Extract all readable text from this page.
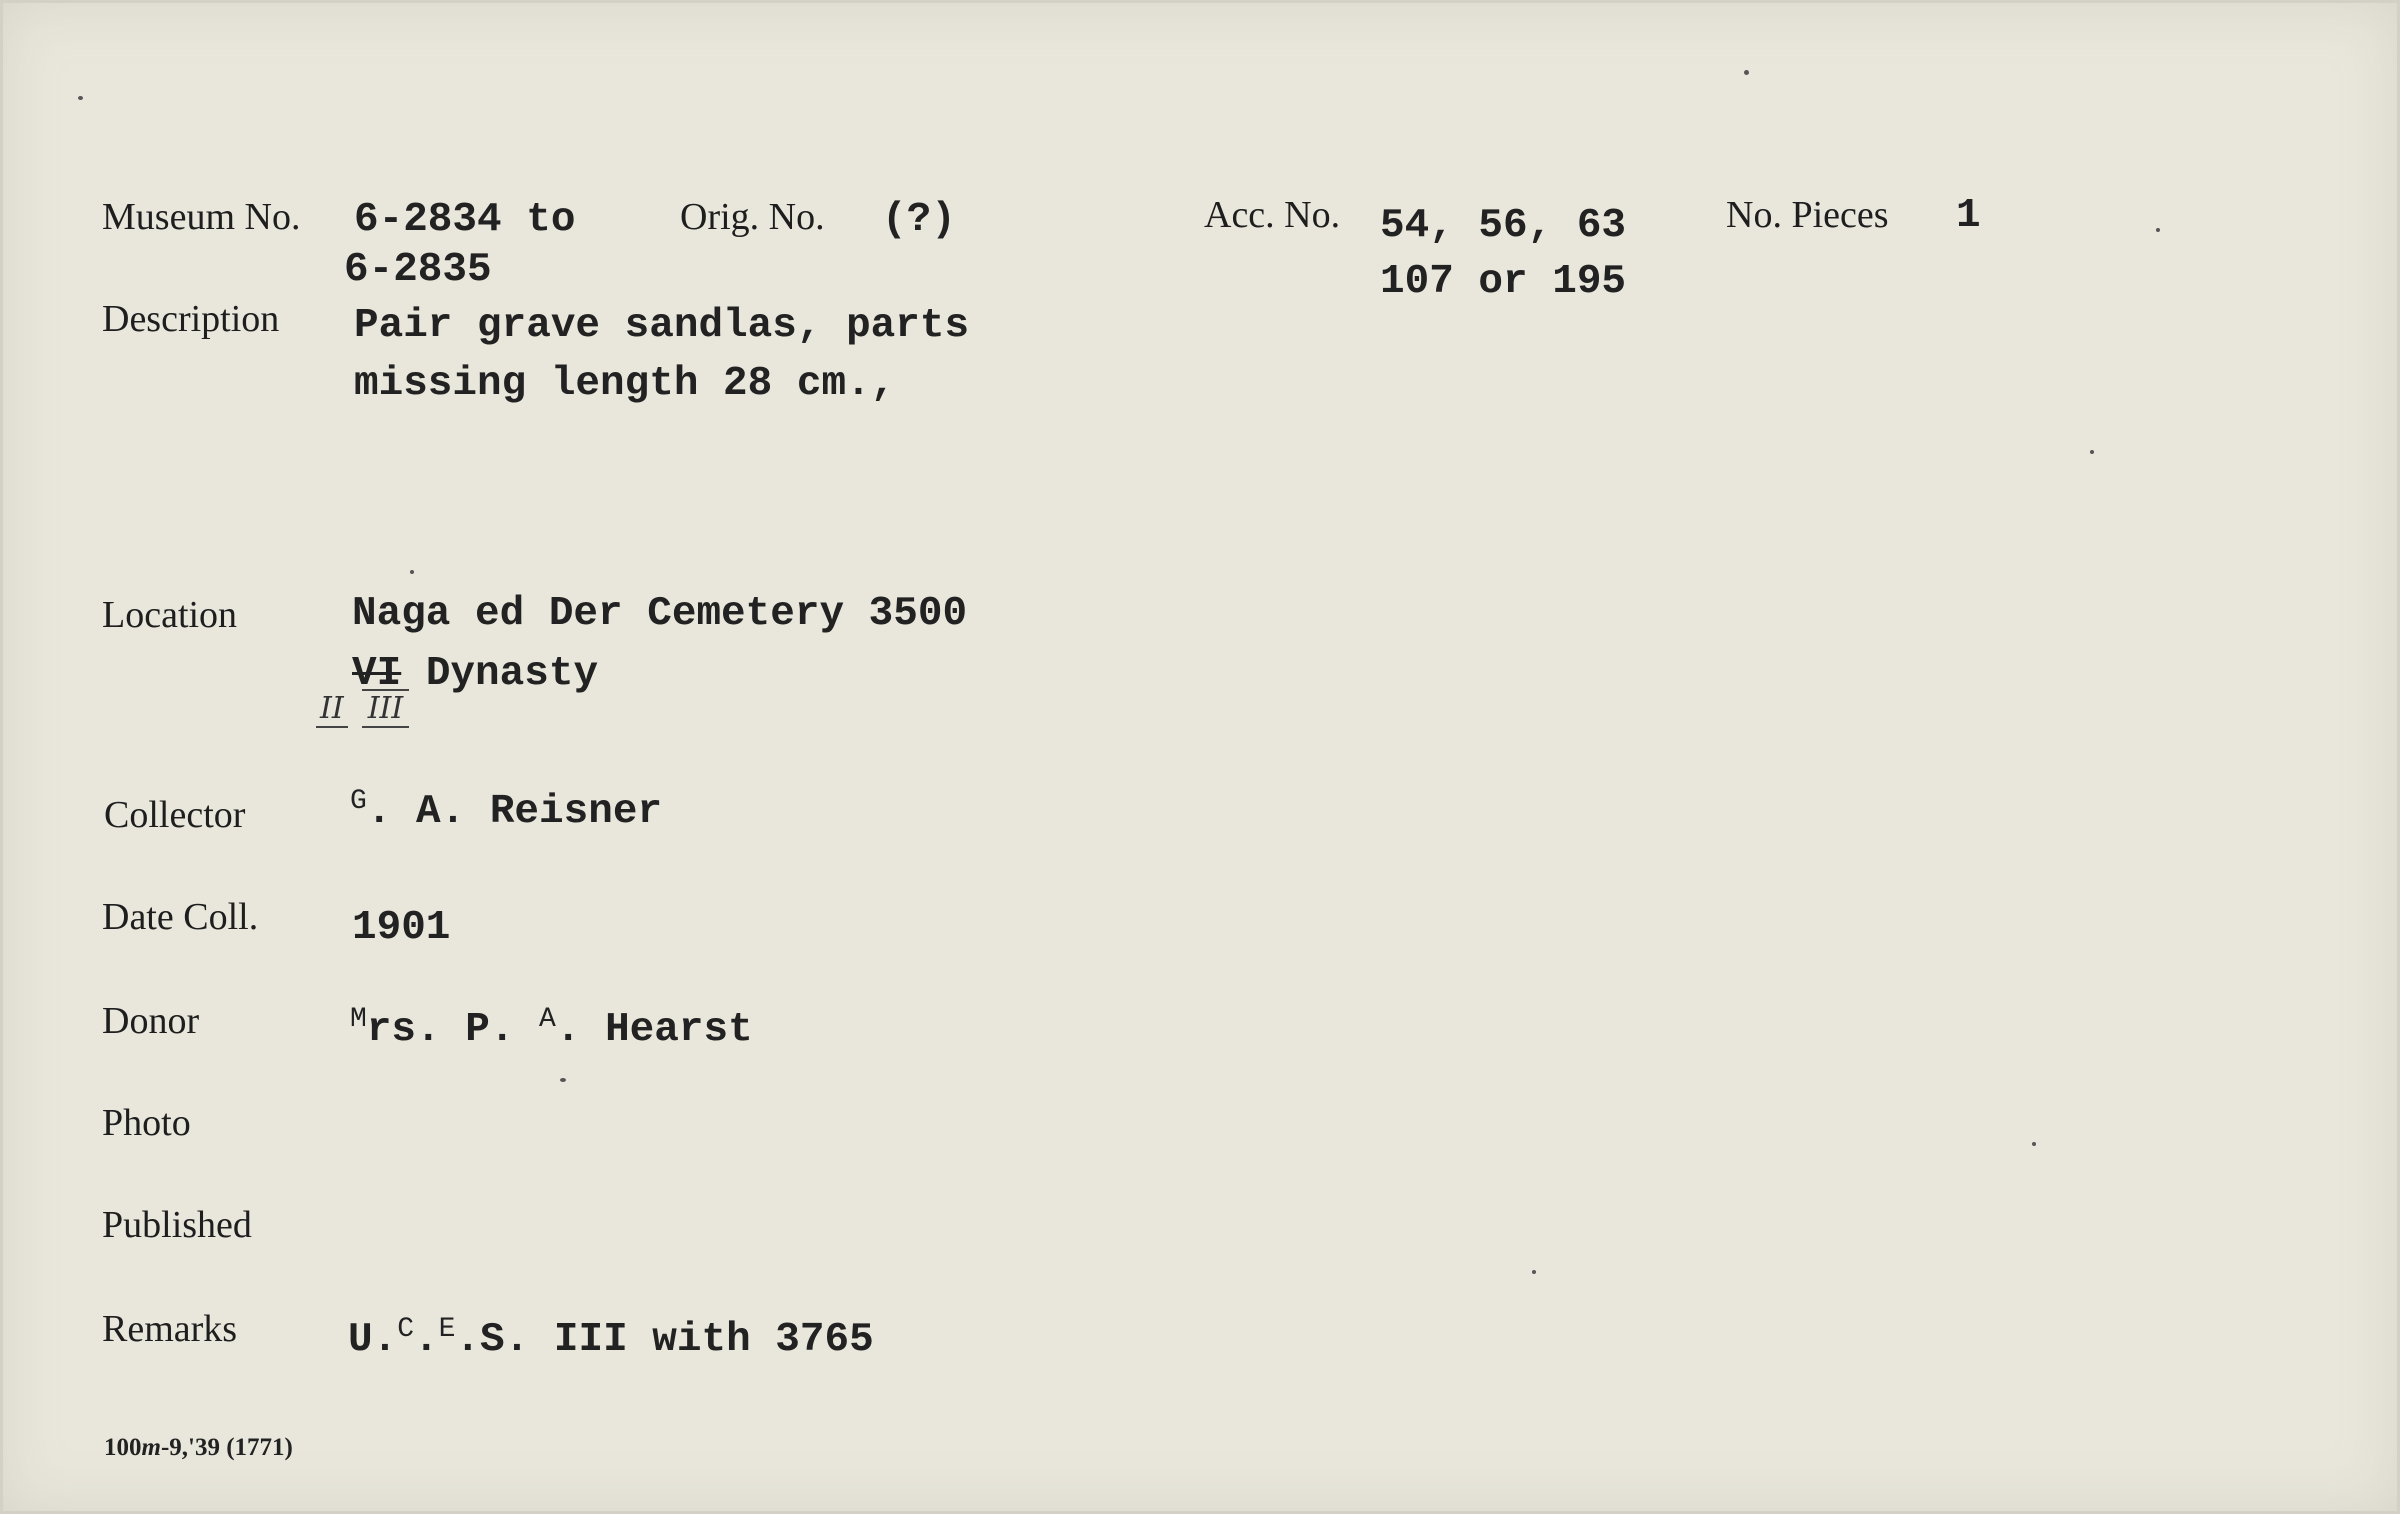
Museum No. 6-2834 to
6-2835
Orig. No. (?)	Acc. No. 54, 56, 63
107 or 195
No. Pieces 1
Description Pair grave sandlas, parts
missing length 28 cm.,
Location	Naga ed Der Cemetery 3500
VI Dynasty
II III
Collector	$^G$. A. Reisner
Date Coll. 1901
Donor	$^M$rs. P. $^A$. Hearst
Photo
Published
Remarks	U.$^C$.$^E$.S. III with 3765
100m-9,'39 (1771)
